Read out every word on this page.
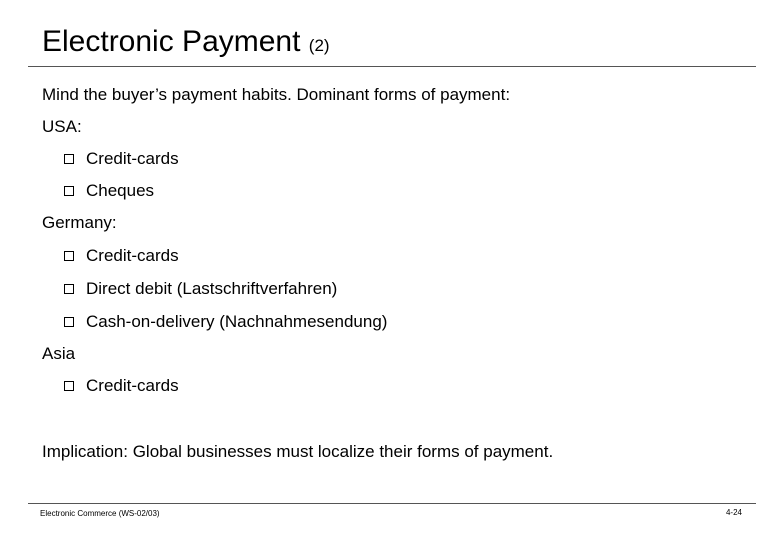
Electronic Payment (2)
Mind the buyer’s payment habits. Dominant forms of payment:
USA:
Credit-cards
Cheques
Germany:
Credit-cards
Direct debit (Lastschriftverfahren)
Cash-on-delivery (Nachnahmesendung)
Asia
Credit-cards
Implication: Global businesses must localize their forms of payment.
Electronic Commerce (WS-02/03)	4-24
